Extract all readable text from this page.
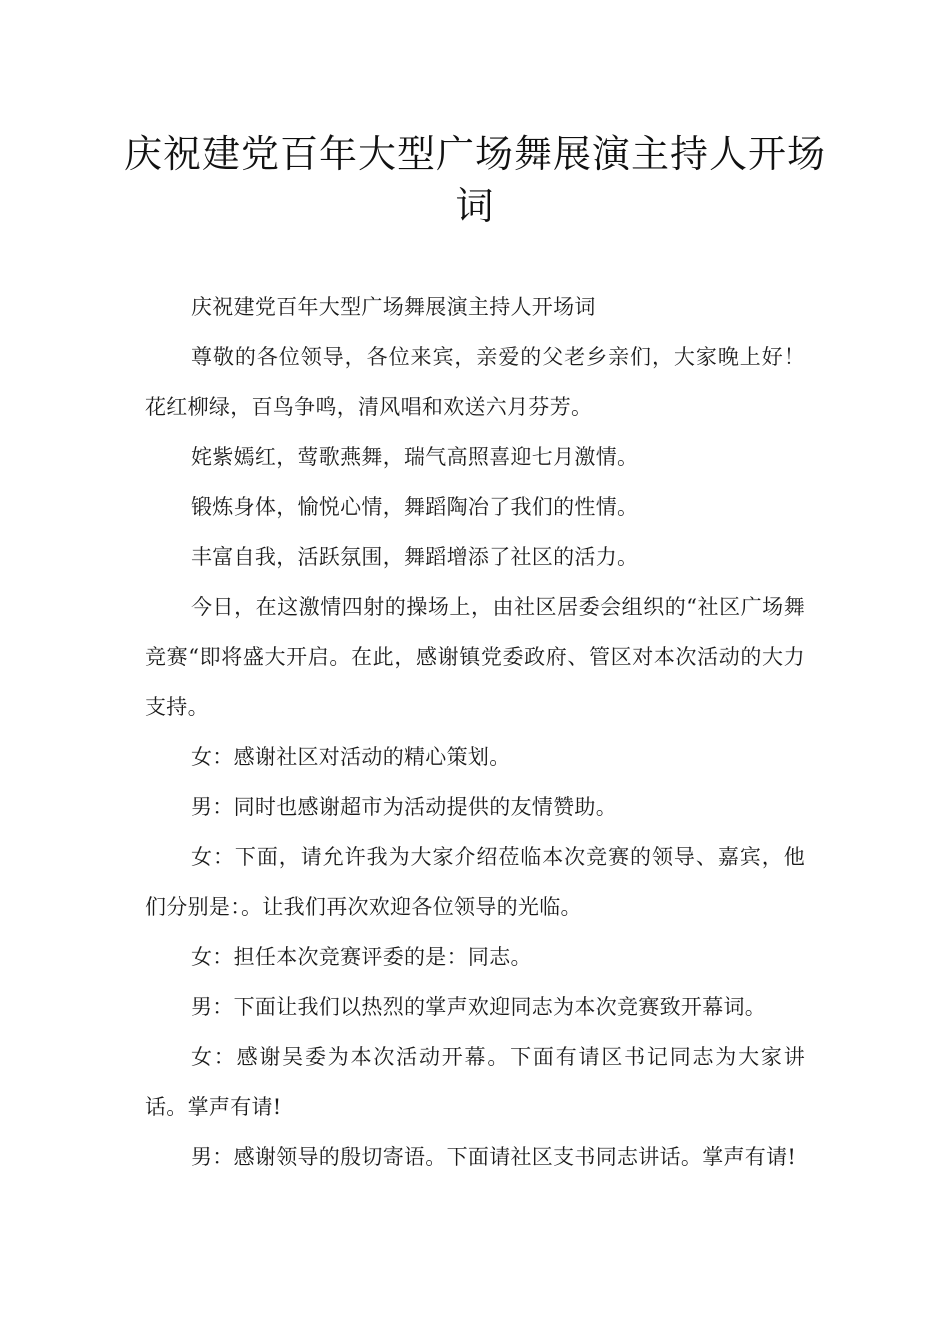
庆祝建党百年大型广场舞展演主持人开场词

庆祝建党百年大型广场舞展演主持人开场词

尊敬的各位领导，各位来宾，亲爱的父老乡亲们，大家晚上好！花红柳绿，百鸟争鸣，清风唱和欢送六月芬芳。

姹紫嫣红，莺歌燕舞，瑞气高照喜迎七月激情。

锻炼身体，愉悦心情，舞蹈陶冶了我们的性情。

丰富自我，活跃氛围，舞蹈增添了社区的活力。

今日，在这激情四射的操场上，由社区居委会组织的“社区广场舞竞赛“即将盛大开启。在此，感谢镇党委政府、管区对本次活动的大力支持。

女：感谢社区对活动的精心策划。

男：同时也感谢超市为活动提供的友情赞助。

女：下面，请允许我为大家介绍莅临本次竞赛的领导、嘉宾，他们分别是：。让我们再次欢迎各位领导的光临。

女：担任本次竞赛评委的是：同志。

男：下面让我们以热烈的掌声欢迎同志为本次竞赛致开幕词。

女：感谢吴委为本次活动开幕。下面有请区书记同志为大家讲话。掌声有请!

男：感谢领导的殷切寄语。下面请社区支书同志讲话。掌声有请!
